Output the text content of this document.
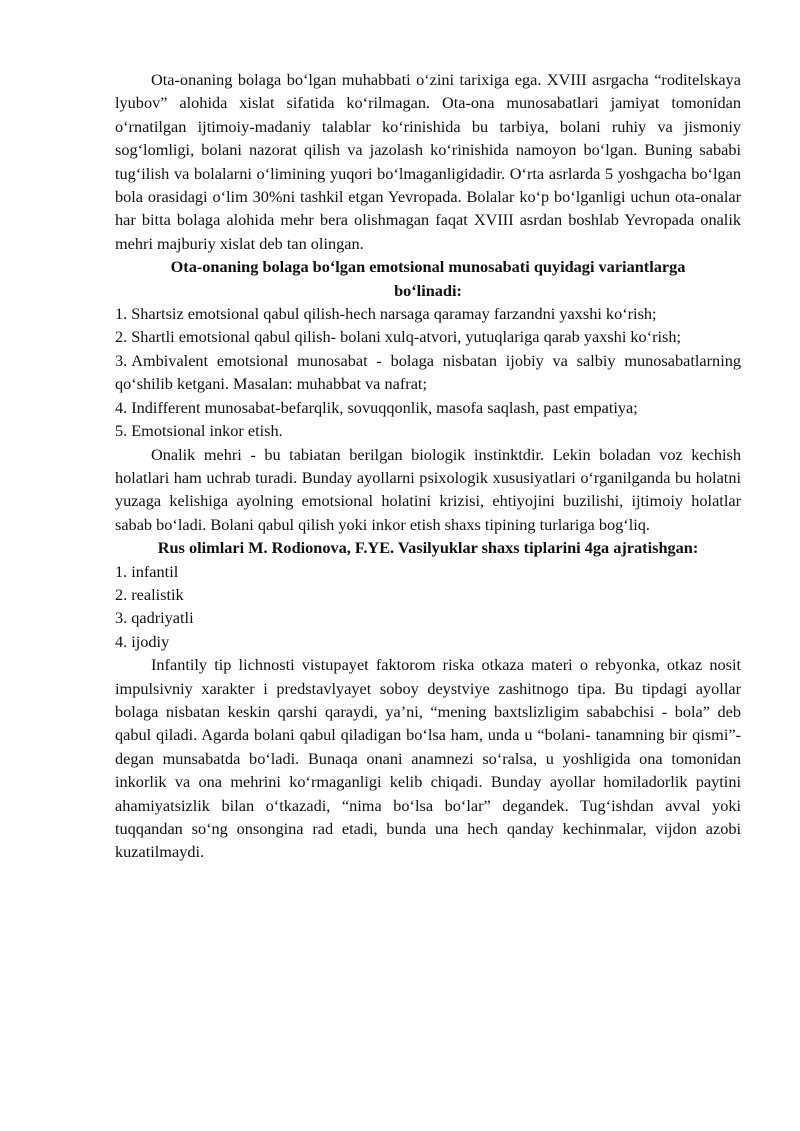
Ota-onaning bolaga bo‘lgan muhabbati o‘zini tarixiga ega. XVIII asrgacha “roditelskaya lyubov” alohida xislat sifatida ko‘rilmagan. Ota-ona munosabatlari jamiyat tomonidan o‘rnatilgan ijtimoiy-madaniy talablar ko‘rinishida bu tarbiya, bolani ruhiy va jismoniy sog‘lomligi, bolani nazorat qilish va jazolash ko‘rinishida namoyon bo‘lgan. Buning sababi tug‘ilish va bolalarni o‘limining yuqori bo‘lmaganligidadir. O‘rta asrlarda 5 yoshgacha bo‘lgan bola orasidagi o‘lim 30%ni tashkil etgan Yevropada. Bolalar ko‘p bo‘lganligi uchun ota-onalar har bitta bolaga alohida mehr bera olishmagan faqat XVIII asrdan boshlab Yevropada onalik mehri majburiy xislat deb tan olingan.

Ota-onaning bolaga bo‘lgan emotsional munosabati quyidagi variantlarga bo‘linadi:

1. Shartsiz emotsional qabul qilish-hech narsaga qaramay farzandni yaxshi ko‘rish;
2. Shartli emotsional qabul qilish- bolani xulq-atvori, yutuqlariga qarab yaxshi ko‘rish;
3. Ambivalent emotsional munosabat - bolaga nisbatan ijobiy va salbiy munosabatlarning qo‘shilib ketgani. Masalan: muhabbat va nafrat;
4. Indifferent munosabat-befarqlik, sovuqqonlik, masofa saqlash, past empatiya;
5. Emotsional inkor etish.

Onalik mehri - bu tabiatan berilgan biologik instinktdir. Lekin boladan voz kechish holatlari ham uchrab turadi. Bunday ayollarni psixologik xususiyatlari o‘rganilganda bu holatni yuzaga kelishiga ayolning emotsional holatini krizisi, ehtiyojini buzilishi, ijtimoiy holatlar sabab bo‘ladi. Bolani qabul qilish yoki inkor etish shaxs tipining turlariga bog‘liq.

Rus olimlari M. Rodionova, F.YE. Vasilyuklar shaxs tiplarini 4ga ajratishgan:

1. infantil
2. realistik
3. qadriyatli
4. ijodiy

Infantily tip lichnosti vistupayet faktorom riska otkaza materi o rebyonka, otkaz nosit impulsivniy xarakter i predstavlyayet soboy deystviye zashitnogo tipa. Bu tipdagi ayollar bolaga nisbatan keskin qarshi qaraydi, ya’ni, “mening baxtslizligim sababchisi - bola” deb qabul qiladi. Agarda bolani qabul qiladigan bo‘lsa ham, unda u “bolani- tanamning bir qismi”- degan munsabatda bo‘ladi. Bunaqa onani anamnezi so‘ralsa, u yoshligida ona tomonidan inkorlik va ona mehrini ko‘rmaganligi kelib chiqadi. Bunday ayollar homiladorlik paytini ahamiyatsizlik bilan o‘tkazadi, “nima bo‘lsa bo‘lar” degandek. Tug‘ishdan avval yoki tuqqandan so‘ng onsongina rad etadi, bunda una hech qanday kechinmalar, vijdon azobi kuzatilmaydi.
